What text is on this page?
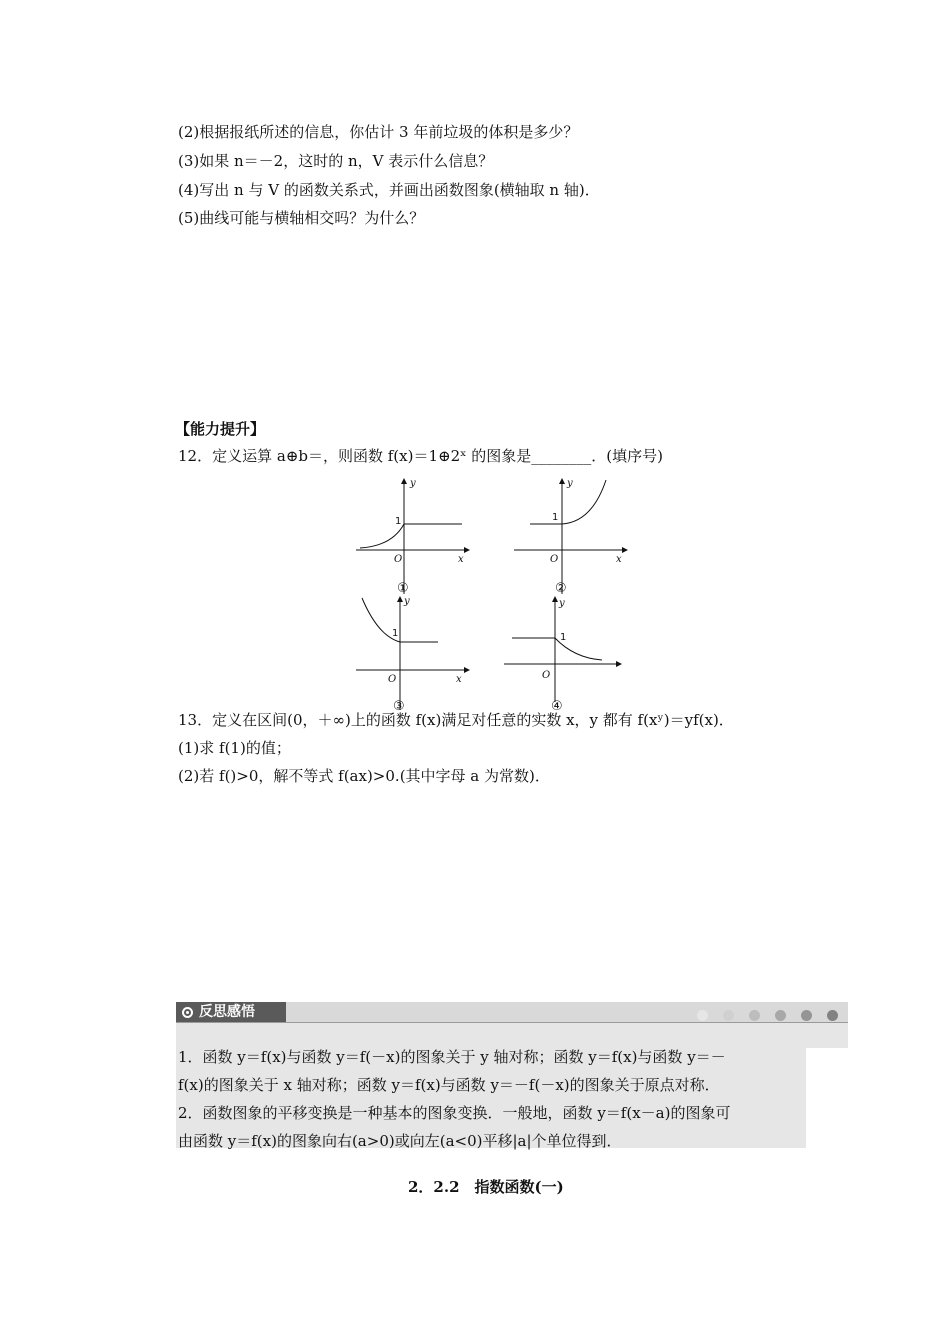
(2)根据报纸所述的信息，你估计 3 年前垃圾的体积是多少？
(3)如果 n＝－2，这时的 n，V 表示什么信息？
(4)写出 n 与 V 的函数关系式，并画出函数图象(横轴取 n 轴)．
(5)曲线可能与横轴相交吗？为什么？
【能力提升】
12．定义运算 a⊕b＝，则函数 f(x)＝1⊕2ˣ 的图象是________．(填序号)
y
x
O
1
①
y
x
O
1
②
y
x
O
1
③
y
O
1
④
13．定义在区间(0，＋∞)上的函数 f(x)满足对任意的实数 x，y 都有 f(xʸ)＝yf(x)．
(1)求 f(1)的值；
(2)若 f()>0，解不等式 f(ax)>0.(其中字母 a 为常数)．
反思感悟

1．函数 y＝f(x)与函数 y＝f(－x)的图象关于 y 轴对称；函数 y＝f(x)与函数 y＝－
f(x)的图象关于 x 轴对称；函数 y＝f(x)与函数 y＝－f(－x)的图象关于原点对称．
2．函数图象的平移变换是一种基本的图象变换．一般地，函数 y＝f(x－a)的图象可
由函数 y＝f(x)的图象向右(a>0)或向左(a<0)平移|a|个单位得到．
2．2.2　指数函数(一)
